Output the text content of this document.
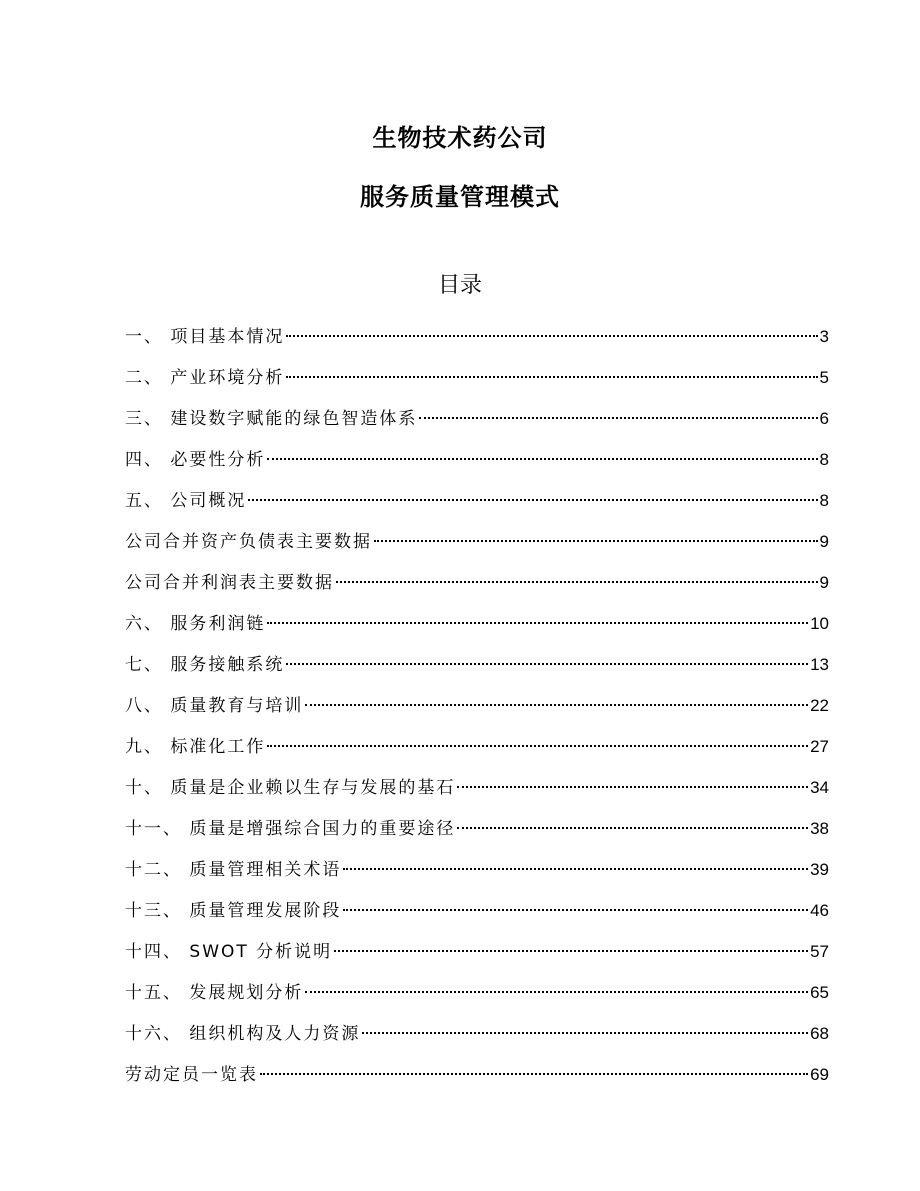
生物技术药公司
服务质量管理模式
目录
一、 项目基本情况	3
二、 产业环境分析	5
三、 建设数字赋能的绿色智造体系	6
四、 必要性分析	8
五、 公司概况	8
公司合并资产负债表主要数据	9
公司合并利润表主要数据	9
六、 服务利润链	10
七、 服务接触系统	13
八、 质量教育与培训	22
九、 标准化工作	27
十、 质量是企业赖以生存与发展的基石	34
十一、 质量是增强综合国力的重要途径	38
十二、 质量管理相关术语	39
十三、 质量管理发展阶段	46
十四、 SWOT 分析说明	57
十五、 发展规划分析	65
十六、 组织机构及人力资源	68
劳动定员一览表	69
